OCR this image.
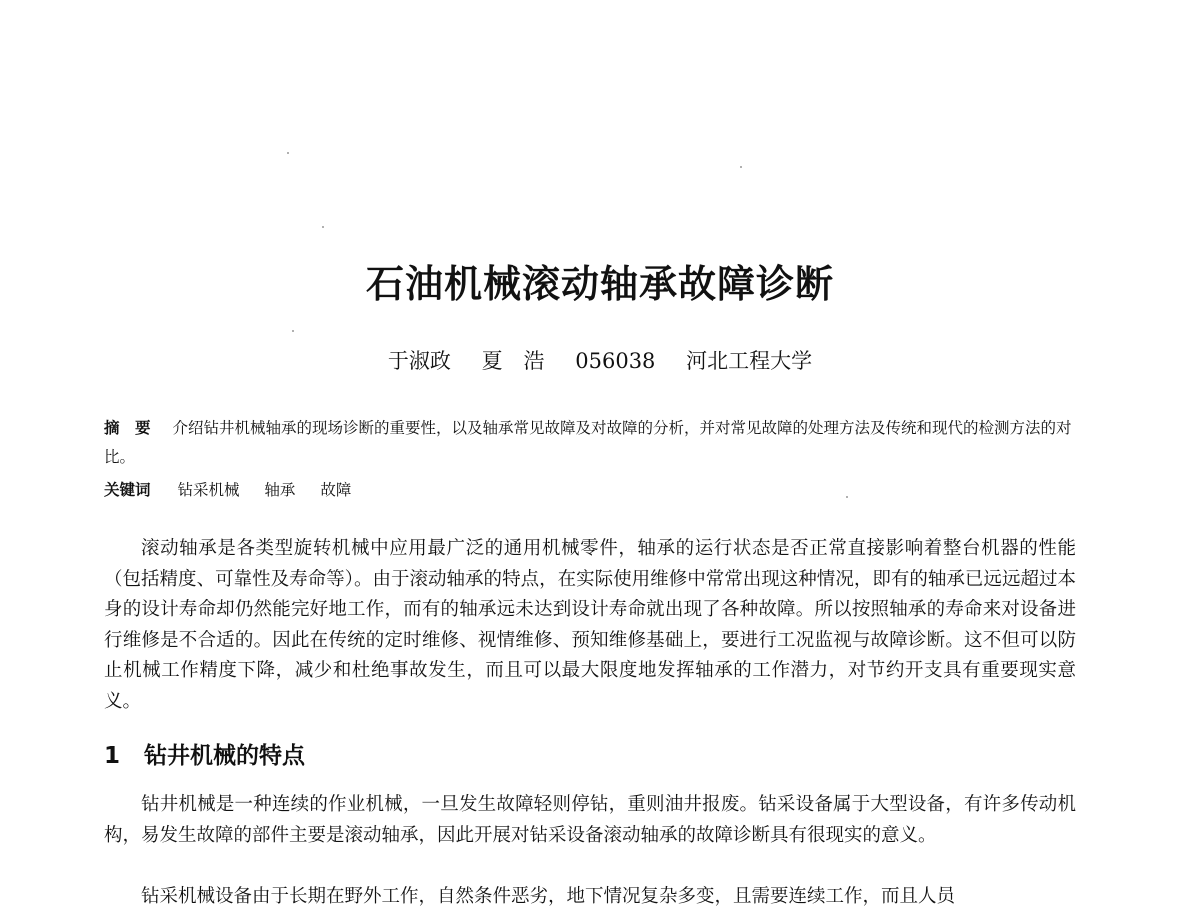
石油机械滚动轴承故障诊断
于淑政 夏　浩 056038 河北工程大学
摘　要 介绍钻井机械轴承的现场诊断的重要性，以及轴承常见故障及对故障的分析，并对常见故障的处理方法及传统和现代的检测方法的对比。
关键词 钻采机械 轴承 故障

滚动轴承是各类型旋转机械中应用最广泛的通用机械零件，轴承的运行状态是否正常直接影响着整台机器的性能（包括精度、可靠性及寿命等）。由于滚动轴承的特点，在实际使用维修中常常出现这种情况，即有的轴承已远远超过本身的设计寿命却仍然能完好地工作，而有的轴承远未达到设计寿命就出现了各种故障。所以按照轴承的寿命来对设备进行维修是不合适的。因此在传统的定时维修、视情维修、预知维修基础上，要进行工况监视与故障诊断。这不但可以防止机械工作精度下降，减少和杜绝事故发生，而且可以最大限度地发挥轴承的工作潜力，对节约开支具有重要现实意义。

1 钻井机械的特点

钻井机械是一种连续的作业机械，一旦发生故障轻则停钻，重则油井报废。钻采设备属于大型设备，有许多传动机构，易发生故障的部件主要是滚动轴承，因此开展对钻采设备滚动轴承的故障诊断具有很现实的意义。

钻采机械设备由于长期在野外工作，自然条件恶劣，地下情况复杂多变，且需要连续工作，而且人员
